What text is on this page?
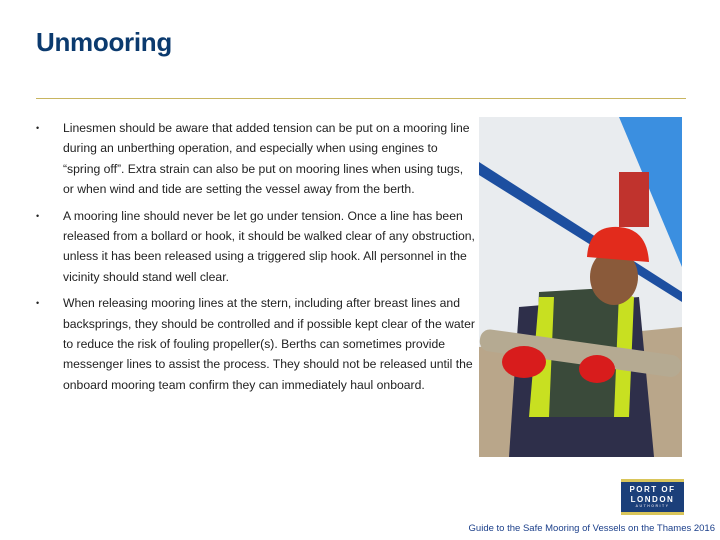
Unmooring
• Linesmen should be aware that added tension can be put on a mooring line during an unberthing operation, and especially when using engines to “spring off”. Extra strain can also be put on mooring lines when using tugs, or when wind and tide are setting the vessel away from the berth.
• A mooring line should never be let go under tension. Once a line has been released from a bollard or hook, it should be walked clear of any obstruction, unless it has been released using a triggered slip hook. All personnel in the vicinity should stand well clear.
• When releasing mooring lines at the stern, including after breast lines and backsprings, they should be controlled and if possible kept clear of the water to reduce the risk of fouling propeller(s). Berths can sometimes provide messenger lines to assist the process. They should not be released until the onboard mooring team confirm they can immediately haul onboard.
PORT OF
LONDON
AUTHORITY
Guide to the Safe Mooring of Vessels on the Thames 2016
